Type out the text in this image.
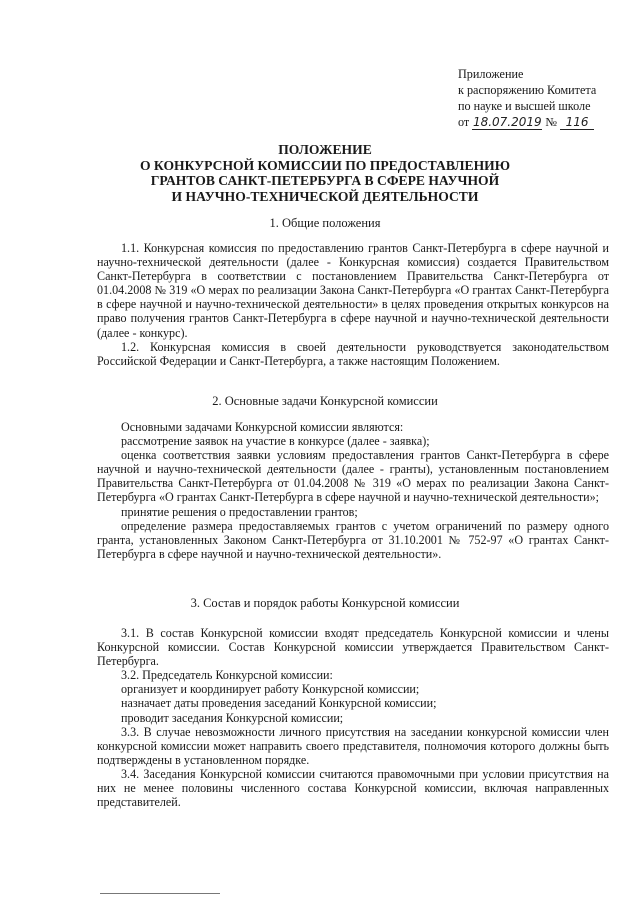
Приложение
к распоряжению Комитета
по науке и высшей школе
от 18.07.2019 № 116
ПОЛОЖЕНИЕ
О КОНКУРСНОЙ КОМИССИИ ПО ПРЕДОСТАВЛЕНИЮ
ГРАНТОВ САНКТ-ПЕТЕРБУРГА В СФЕРЕ НАУЧНОЙ
И НАУЧНО-ТЕХНИЧЕСКОЙ ДЕЯТЕЛЬНОСТИ
1. Общие положения

1.1. Конкурсная комиссия по предоставлению грантов Санкт-Петербурга в сфере научной и научно-технической деятельности (далее - Конкурсная комиссия) создается Правительством Санкт-Петербурга в соответствии с постановлением Правительства Санкт-Петербурга от 01.04.2008 № 319 «О мерах по реализации Закона Санкт-Петербурга «О грантах Санкт-Петербурга в сфере научной и научно-технической деятельности» в целях проведения открытых конкурсов на право получения грантов Санкт-Петербурга в сфере научной и научно-технической деятельности (далее - конкурс).

1.2. Конкурсная комиссия в своей деятельности руководствуется законодательством Российской Федерации и Санкт-Петербурга, а также настоящим Положением.

2. Основные задачи Конкурсной комиссии

Основными задачами Конкурсной комиссии являются:

рассмотрение заявок на участие в конкурсе (далее - заявка);

оценка соответствия заявки условиям предоставления грантов Санкт-Петербурга в сфере научной и научно-технической деятельности (далее - гранты), установленным постановлением Правительства Санкт-Петербурга от 01.04.2008 № 319 «О мерах по реализации Закона Санкт-Петербурга «О грантах Санкт-Петербурга в сфере научной и научно-технической деятельности»;

принятие решения о предоставлении грантов;

определение размера предоставляемых грантов с учетом ограничений по размеру одного гранта, установленных Законом Санкт-Петербурга от 31.10.2001 № 752-97 «О грантах Санкт-Петербурга в сфере научной и научно-технической деятельности».

3. Состав и порядок работы Конкурсной комиссии

3.1. В состав Конкурсной комиссии входят председатель Конкурсной комиссии и члены Конкурсной комиссии. Состав Конкурсной комиссии утверждается Правительством Санкт-Петербурга.

3.2. Председатель Конкурсной комиссии:

организует и координирует работу Конкурсной комиссии;

назначает даты проведения заседаний Конкурсной комиссии;

проводит заседания Конкурсной комиссии;

3.3. В случае невозможности личного присутствия на заседании конкурсной комиссии член конкурсной комиссии может направить своего представителя, полномочия которого должны быть подтверждены в установленном порядке.

3.4. Заседания Конкурсной комиссии считаются правомочными при условии присутствия на них не менее половины численного состава Конкурсной комиссии, включая направленных представителей.
